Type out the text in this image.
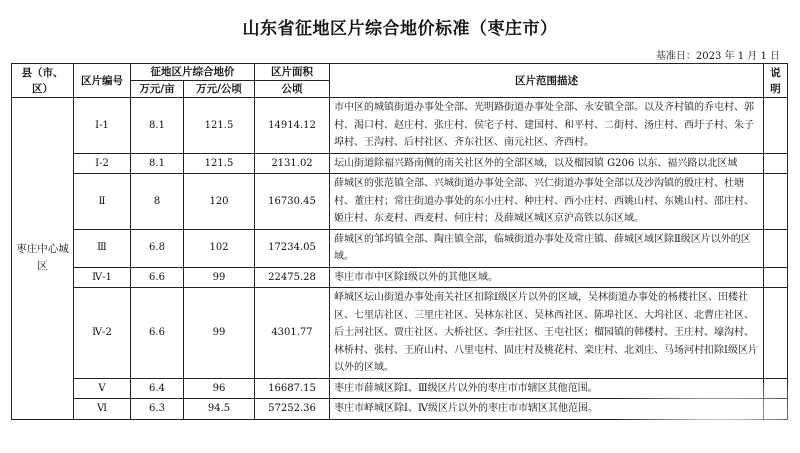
山东省征地区片综合地价标准（枣庄市）
基准日：2023 年 1 月 1 日
县（市、区）	区片编号	征地区片综合地价		区片面积	区片范围描述	说明
		万元/亩	万元/公顷	公顷		
枣庄中心城区	Ⅰ-1	8.1	121.5	14914.12	市中区的城镇街道办事处全部、光明路街道办事处全部、永安镇全部。以及齐村镇的乔屯村、郭村、渴口村、赵庄村、张庄村、侯宅子村、建国村、和平村、二街村、汤庄村、西圩子村、朱子埠村、王沟村、后村社区、齐东社区、南元社区、齐西村。	
	Ⅰ-2	8.1	121.5	2131.02	坛山街道除福兴路南侧的南关社区外的全部区域，以及榴园镇 G206 以东、福兴路以北区域	
	Ⅱ	8	120	16730.45	薛城区的张范镇全部、兴城街道办事处全部、兴仁街道办事处全部以及沙沟镇的殷庄村、杜塘村、董庄村；常庄街道办事处的东小庄村、种庄村、西小庄村、西姚山村、东姚山村、邵庄村、姬庄村、东麦村、西麦村、何庄村；及薛城区城区京沪高铁以东区域。	
	Ⅲ	6.8	102	17234.05	薛城区的邹坞镇全部、陶庄镇全部，临城街道办事处及常庄镇、薛城区域区除Ⅱ级区片以外的区域。	
	Ⅳ-1	6.6	99	22475.28	枣庄市市中区除Ⅰ级以外的其他区域。	
	Ⅳ-2	6.6	99	4301.77	峄城区坛山街道办事处南关社区扣除Ⅰ级区片以外的区域，吴林街道办事处的杨楼社区、田楼社区、七里店社区、三里庄社区、吴林东社区、吴林西社区、陈埠社区、大坞社区、北曹庄社区、后土河社区、贾庄社区、大桥社区、李庄社区、王屯社区；榴园镇的韩楼村、王庄村、壕沟村、林桥村、张村、王府山村、八里屯村、固庄村及桃花村、栾庄村、北刘庄、马场河村扣除Ⅰ级区片以外的区域。	
	Ⅴ	6.4	96	16687.15	枣庄市薛城区除Ⅰ、Ⅲ级区片以外的枣庄市市辖区其他范围。	
	Ⅵ	6.3	94.5	57252.36	枣庄市峄城区除Ⅰ、Ⅳ级区片以外的枣庄市市辖区其他范围。	
